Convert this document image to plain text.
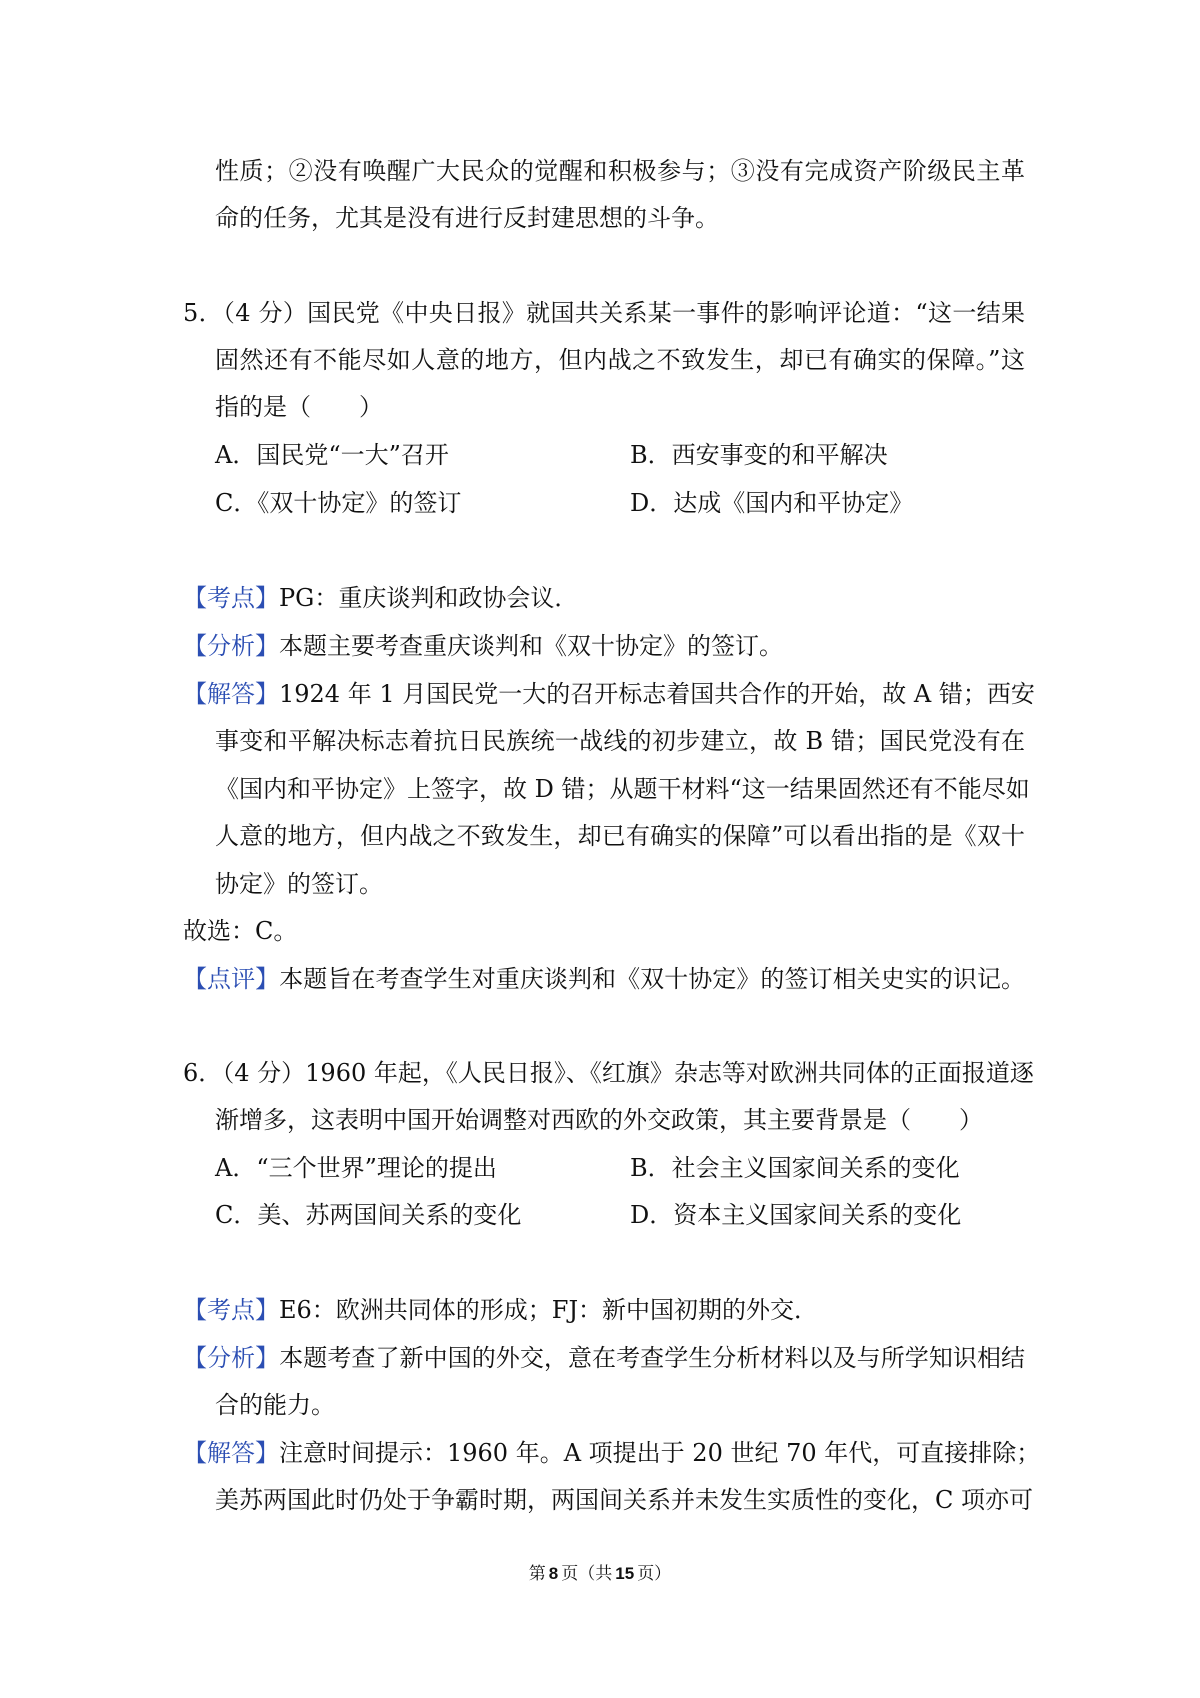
性质；②没有唤醒广大民众的觉醒和积极参与；③没有完成资产阶级民主革
命的任务，尤其是没有进行反封建思想的斗争。
5．（4 分）国民党《中央日报》就国共关系某一事件的影响评论道：“这一结果
固然还有不能尽如人意的地方，但内战之不致发生，却已有确实的保障。”这
指的是（　　）
A．国民党“一大”召开	B．西安事变的和平解决
C．《双十协定》的签订	D．达成《国内和平协定》
【考点】PG：重庆谈判和政协会议．
【分析】本题主要考查重庆谈判和《双十协定》的签订。
【解答】1924 年 1 月国民党一大的召开标志着国共合作的开始，故 A 错；西安
事变和平解决标志着抗日民族统一战线的初步建立，故 B 错；国民党没有在
《国内和平协定》上签字，故 D 错；从题干材料“这一结果固然还有不能尽如
人意的地方，但内战之不致发生，却已有确实的保障”可以看出指的是《双十
协定》的签订。
故选：C。
【点评】本题旨在考查学生对重庆谈判和《双十协定》的签订相关史实的识记。
6．（4 分）1960 年起，《人民日报》、《红旗》杂志等对欧洲共同体的正面报道逐
渐增多，这表明中国开始调整对西欧的外交政策，其主要背景是（　　）
A．“三个世界”理论的提出	B．社会主义国家间关系的变化
C．美、苏两国间关系的变化	D．资本主义国家间关系的变化
【考点】E6：欧洲共同体的形成；FJ：新中国初期的外交．
【分析】本题考查了新中国的外交，意在考查学生分析材料以及与所学知识相结
合的能力。
【解答】注意时间提示：1960 年。A 项提出于 20 世纪 70 年代，可直接排除；
美苏两国此时仍处于争霸时期，两国间关系并未发生实质性的变化，C 项亦可
第 8 页（共 15 页）
